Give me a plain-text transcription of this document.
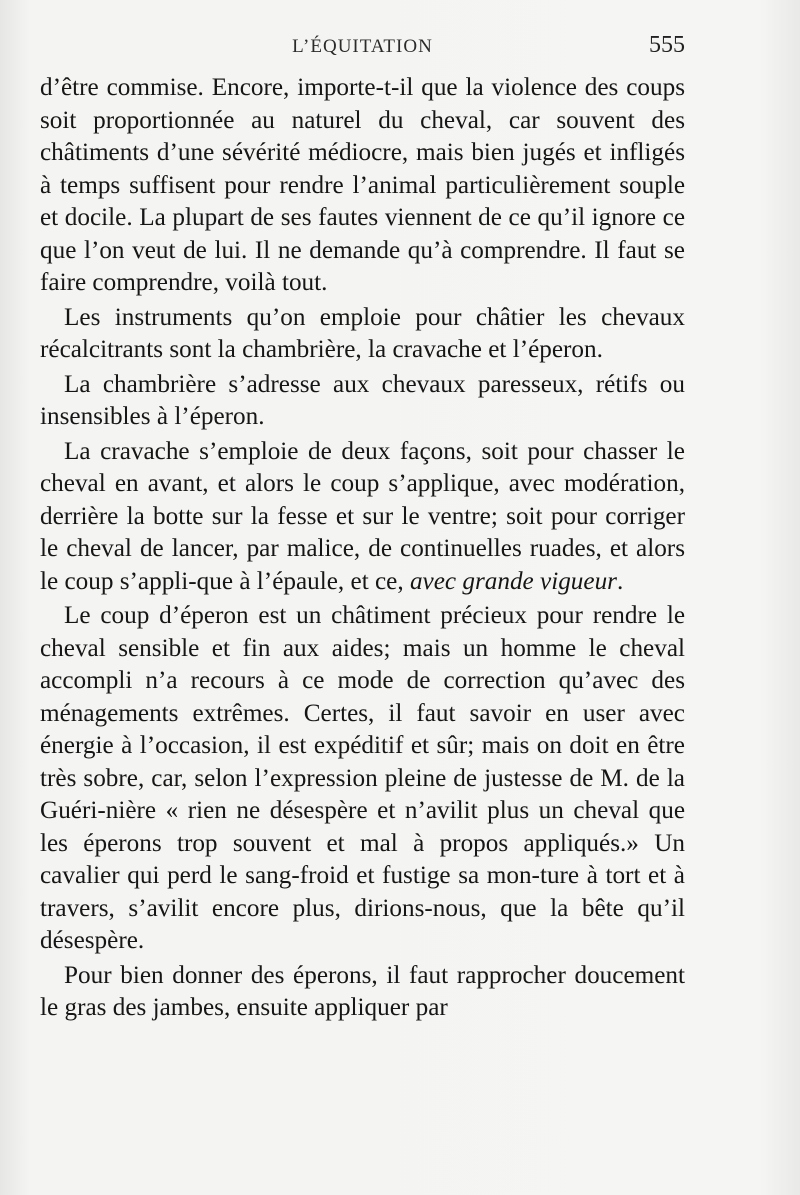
L’ÉQUITATION	555

d’être commise. Encore, importe-t-il que la violence des coups soit proportionnée au naturel du cheval, car souvent des châtiments d’une sévérité médiocre, mais bien jugés et infligés à temps suffisent pour rendre l’animal particulièrement souple et docile. La plupart de ses fautes viennent de ce qu’il ignore ce que l’on veut de lui. Il ne demande qu’à comprendre. Il faut se faire comprendre, voilà tout.

Les instruments qu’on emploie pour châtier les chevaux récalcitrants sont la chambrière, la cravache et l’éperon.

La chambrière s’adresse aux chevaux paresseux, rétifs ou insensibles à l’éperon.

La cravache s’emploie de deux façons, soit pour chasser le cheval en avant, et alors le coup s’applique, avec modération, derrière la botte sur la fesse et sur le ventre; soit pour corriger le cheval de lancer, par malice, de continuelles ruades, et alors le coup s’appli-que à l’épaule, et ce, avec grande vigueur.

Le coup d’éperon est un châtiment précieux pour rendre le cheval sensible et fin aux aides; mais un homme le cheval accompli n’a recours à ce mode de correction qu’avec des ménagements extrêmes. Certes, il faut savoir en user avec énergie à l’occasion, il est expéditif et sûr; mais on doit en être très sobre, car, selon l’expression pleine de justesse de M. de la Guéri-nière « rien ne désespère et n’avilit plus un cheval que les éperons trop souvent et mal à propos appliqués.» Un cavalier qui perd le sang-froid et fustige sa mon-ture à tort et à travers, s’avilit encore plus, dirions-nous, que la bête qu’il désespère.

Pour bien donner des éperons, il faut rapprocher doucement le gras des jambes, ensuite appliquer par
